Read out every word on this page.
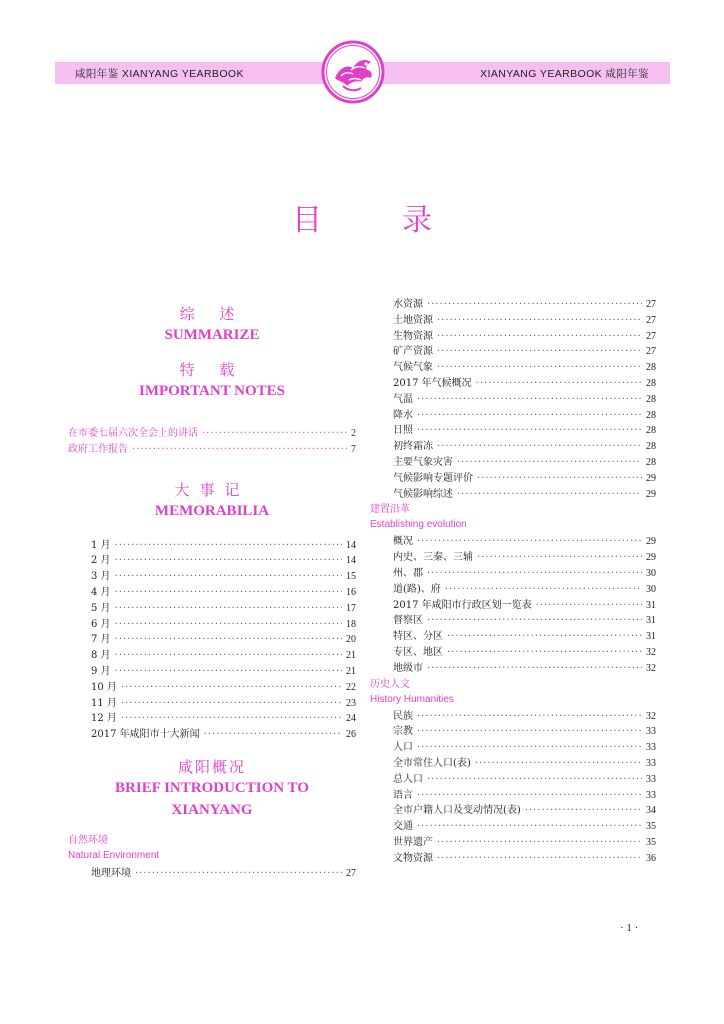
咸阳年鉴 XIANYANG YEARBOOK	XIANYANG YEARBOOK 咸阳年鉴
目录

综 述

SUMMARIZE

特 载

IMPORTANT NOTES

在市委七届六次全会上的讲话 ·····	2
政府工作报告 ·····	7

大事记

MEMORABILIA

1 月 ·····	14
2 月 ·····	14
3 月 ·····	15
4 月 ·····	16
5 月 ·····	17
6 月 ·····	18
7 月 ·····	20
8 月 ·····	21
9 月 ·····	21
10 月 ·····	22
11 月 ·····	23
12 月 ·····	24
2017 年咸阳市十大新闻 ·····	26

咸阳概况

BRIEF INTRODUCTION TO

XIANYANG

自然环境

Natural Environment

地理环境 ·····	27
水资源 ·····	27
土地资源 ·····	27
生物资源 ·····	27
矿产资源 ·····	27
气候气象 ·····	28
2017 年气候概况 ·····	28
气温 ·····	28
降水 ·····	28
日照 ·····	28
初终霜冻 ·····	28
主要气象灾害 ·····	28
气候影响专题评价 ·····	29
气候影响综述 ·····	29

建置沿革

Establishing evolution

概况 ·····	29
内史、三秦、三辅 ·····	29
州、郡 ·····	30
道(路)、府 ·····	30
2017 年咸阳市行政区划一览表 ·····	31
督察区 ·····	31
特区、分区 ·····	31
专区、地区 ·····	32
地级市 ·····	32

历史人文

History Humanities

民族 ·····	32
宗教 ·····	33
人口 ·····	33
全市常住人口(表) ·····	33
总人口 ·····	33
语言 ·····	33
全市户籍人口及变动情况(表) ·····	34
交通 ·····	35
世界遗产 ·····	35
文物资源 ·····	36
· 1 ·
